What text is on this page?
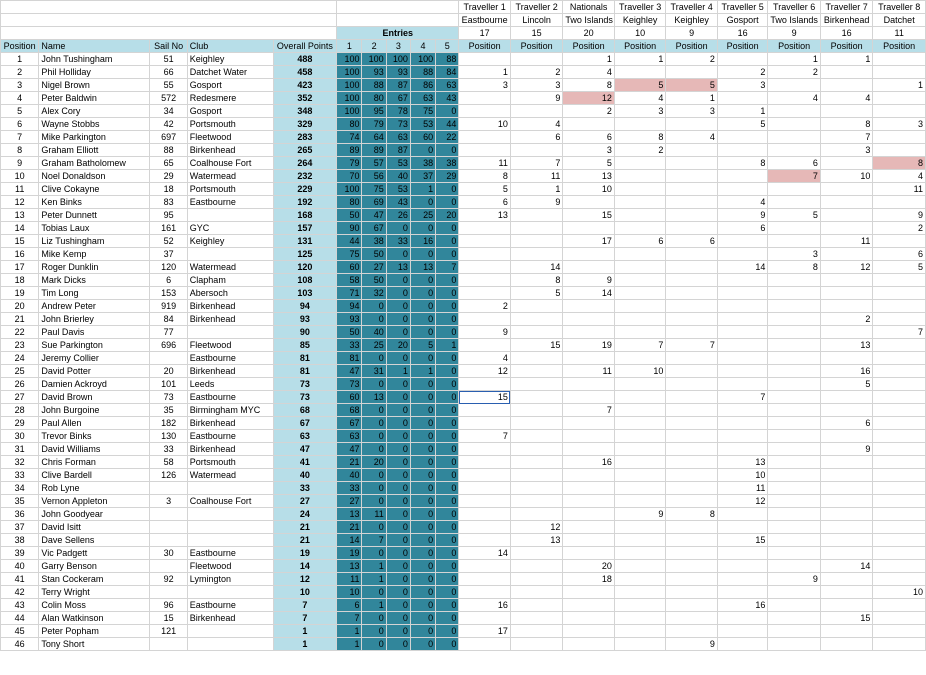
										Traveller 1	Traveller 2	Nationals	Traveller 3	Traveller 4	Traveller 5	Traveller 6	Traveller 7	Traveller 8
										Eastbourne	Lincoln	Two Islands	Keighley	Keighley	Gosport	Two Islands	Birkenhead	Datchet
					Entries					17	15	20	10	9	16	9	16	11
Position	Name	Sail No	Club	Overall Points	1	2	3	4	5	Position	Position	Position	Position	Position	Position	Position	Position	Position
1	John Tushingham	51	Keighley	488	100	100	100	100	88			1	1	2		1	1	
2	Phil Holliday	66	Datchet Water	458	100	93	93	88	84	1	2	4			2	2		
3	Nigel Brown	55	Gosport	423	100	88	87	86	63	3	3	8	5	5	3			1
4	Peter Baldwin	572	Redesmere	352	100	80	67	63	43		9	12	4	1		4	4	
5	Alex Cory	34	Gosport	348	100	95	78	75	0			2	3	3	1			
6	Wayne Stobbs	42	Portsmouth	329	80	79	73	53	44	10	4				5		8	3
7	Mike Parkington	697	Fleetwood	283	74	64	63	60	22		6	6	8	4			7	
8	Graham Elliott	88	Birkenhead	265	89	89	87	0	0			3	2				3	
9	Graham Batholomew	65	Coalhouse Fort	264	79	57	53	38	38	11	7	5			8	6		8
10	Noel Donaldson	29	Watermead	232	70	56	40	37	29	8	11	13				7	10	4
11	Clive Cokayne	18	Portsmouth	229	100	75	53	1	0	5	1	10						11
12	Ken Binks	83	Eastbourne	192	80	69	43	0	0	6	9				4			
13	Peter Dunnett	95		168	50	47	26	25	20	13		15			9	5		9
14	Tobias Laux	161	GYC	157	90	67	0	0	0						6			2
15	Liz Tushingham	52	Keighley	131	44	38	33	16	0			17	6	6			11	
16	Mike Kemp	37		125	75	50	0	0	0							3		6
17	Roger Dunklin	120	Watermead	120	60	27	13	13	7		14				14	8	12	5
18	Mark Dicks	6	Clapham	108	58	50	0	0	0		8	9						
19	Tim Long	153	Abersoch	103	71	32	0	0	0		5	14						
20	Andrew Peter	919	Birkenhead	94	94	0	0	0	0	2								
21	John Brierley	84	Birkenhead	93	93	0	0	0	0								2	
22	Paul Davis	77		90	50	40	0	0	0	9								7
23	Sue Parkington	696	Fleetwood	85	33	25	20	5	1		15	19	7	7			13	
24	Jeremy Collier		Eastbourne	81	81	0	0	0	0	4								
25	David Potter	20	Birkenhead	81	47	31	1	1	0	12		11	10				16	
26	Damien Ackroyd	101	Leeds	73	73	0	0	0	0								5	
27	David Brown	73	Eastbourne	73	60	13	0	0	0	15					7			
28	John Burgoine	35	Birmingham MYC	68	68	0	0	0	0			7						
29	Paul Allen	182	Birkenhead	67	67	0	0	0	0								6	
30	Trevor Binks	130	Eastbourne	63	63	0	0	0	0	7								
31	David Williams	33	Birkenhead	47	47	0	0	0	0								9	
32	Chris Forman	58	Portsmouth	41	21	20	0	0	0			16			13			
33	Clive Bardell	126	Watermead	40	40	0	0	0	0						10			
34	Rob Lyne			33	33	0	0	0	0						11			
35	Vernon Appleton	3	Coalhouse Fort	27	27	0	0	0	0						12			
36	John Goodyear			24	13	11	0	0	0				9	8				
37	David Isitt			21	21	0	0	0	0		12							
38	Dave Sellens			21	14	7	0	0	0		13				15			
39	Vic Padgett	30	Eastbourne	19	19	0	0	0	0	14								
40	Garry Benson		Fleetwood	14	13	1	0	0	0			20					14	
41	Stan Cockeram	92	Lymington	12	11	1	0	0	0			18				9		
42	Terry Wright			10	10	0	0	0	0									10
43	Colin Moss	96	Eastbourne	7	6	1	0	0	0	16					16			
44	Alan Watkinson	15	Birkenhead	7	7	0	0	0	0								15	
45	Peter Popham	121		1	1	0	0	0	0	17								
46	Tony Short			1	1	0	0	0	0					9				
